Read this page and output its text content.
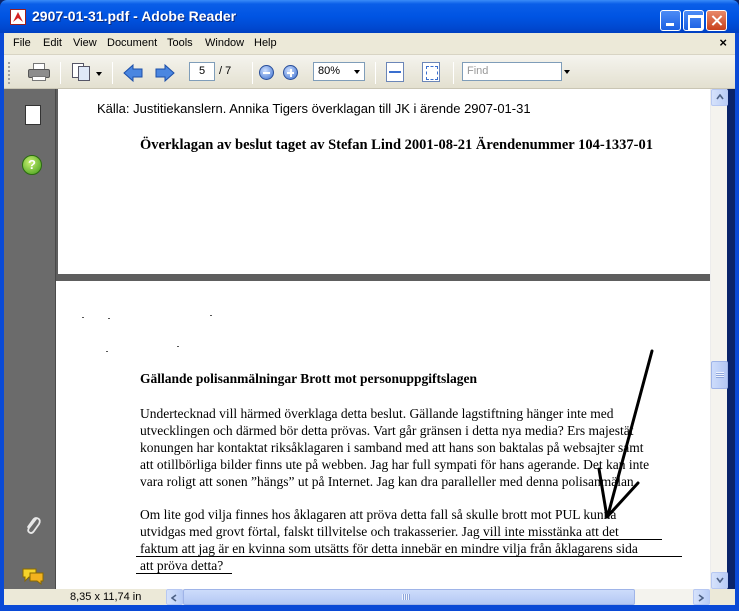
2907-01-31.pdf - Adobe Reader
File Edit View Document Tools Window Help	×
5	/ 7	80%	Find
?
Källa: Justitiekanslern. Annika Tigers överklagan till JK i ärende 2907-01-31
Överklagan av beslut taget av Stefan Lind 2001-08-21 Ärendenummer 104-1337-01
Gällande polisanmälningar Brott mot personuppgiftslagen
Undertecknad vill härmed överklaga detta beslut. Gällande lagstiftning hänger inte med
utvecklingen och därmed bör detta prövas. Vart går gränsen i detta nya media? Ers majestät
konungen har kontaktat riksåklagaren i samband med att hans son baktalas på websajter samt
att otillbörliga bilder finns ute på webben. Jag har full sympati för hans agerande. Det kan inte
vara roligt att sonen ”hängs” ut på Internet. Jag kan dra paralleller med denna polisanmälan.
Om lite god vilja finnes hos åklagaren att pröva detta fall så skulle brott mot PUL kunna
utvidgas med grovt förtal, falskt tillvitelse och trakasserier. Jag vill inte misstänka att det
faktum att jag är en kvinna som utsätts för detta innebär en mindre vilja från åklagarens sida
att pröva detta?
8,35 x 11,74 in
